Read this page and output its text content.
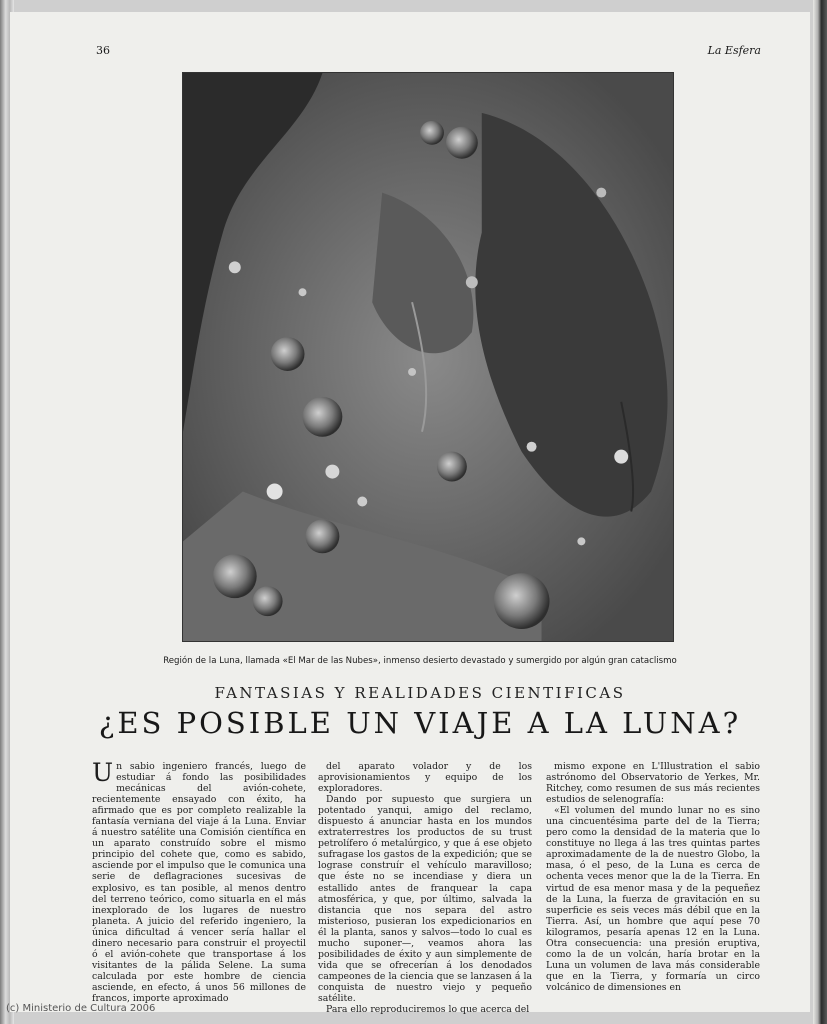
36	La Esfera
Región de la Luna, llamada «El Mar de las Nubes», inmenso desierto devastado y sumergido por algún gran cataclismo
FANTASIAS Y REALIDADES CIENTIFICAS
¿ES POSIBLE UN VIAJE A LA LUNA?

Un sabio ingeniero francés, luego de estudiar á fondo las posibilidades mecánicas del avión-cohete, recientemente ensayado con éxito, ha afirmado que es por completo realizable la fantasía verniana del viaje á la Luna. Enviar á nuestro satélite una Comisión científica en un aparato construído sobre el mismo principio del cohete que, como es sabido, asciende por el impulso que le comunica una serie de deflagraciones sucesivas de explosivo, es tan posible, al menos dentro del terreno teórico, como situarla en el más inexplorado de los lugares de nuestro planeta. A juicio del referido ingeniero, la única dificultad á vencer sería hallar el dinero necesario para construir el proyectil ó el avión-cohete que transportase á los visitantes de la pálida Selene. La suma calculada por este hombre de ciencia asciende, en efecto, á unos 56 millones de francos, importe aproximado

del aparato volador y de los aprovisionamientos y equipo de los exploradores.

Dando por supuesto que surgiera un potentado yanqui, amigo del reclamo, dispuesto á anunciar hasta en los mundos extraterrestres los productos de su trust petrolífero ó metalúrgico, y que á ese objeto sufragase los gastos de la expedición; que se lograse construír el vehículo maravilloso; que éste no se incendiase y diera un estallido antes de franquear la capa atmosférica, y que, por último, salvada la distancia que nos separa del astro misterioso, pusieran los expedicionarios en él la planta, sanos y salvos—todo lo cual es mucho suponer—, veamos ahora las posibilidades de éxito y aun simplemente de vida que se ofrecerían á los denodados campeones de la ciencia que se lanzasen á la conquista de nuestro viejo y pequeño satélite.

Para ello reproduciremos lo que acerca del

mismo expone en L'Illustration el sabio astrónomo del Observatorio de Yerkes, Mr. Ritchey, como resumen de sus más recientes estudios de selenografía:

«El volumen del mundo lunar no es sino una cincuentésima parte del de la Tierra; pero como la densidad de la materia que lo constituye no llega á las tres quintas partes aproximadamente de la de nuestro Globo, la masa, ó el peso, de la Luna es cerca de ochenta veces menor que la de la Tierra. En virtud de esa menor masa y de la pequeñez de la Luna, la fuerza de gravitación en su superficie es seis veces más débil que en la Tierra. Así, un hombre que aquí pese 70 kilogramos, pesaría apenas 12 en la Luna. Otra consecuencia: una presión eruptiva, como la de un volcán, haría brotar en la Luna un volumen de lava más considerable que en la Tierra, y formaría un circo volcánico de dimensiones en

(c) Ministerio de Cultura 2006
